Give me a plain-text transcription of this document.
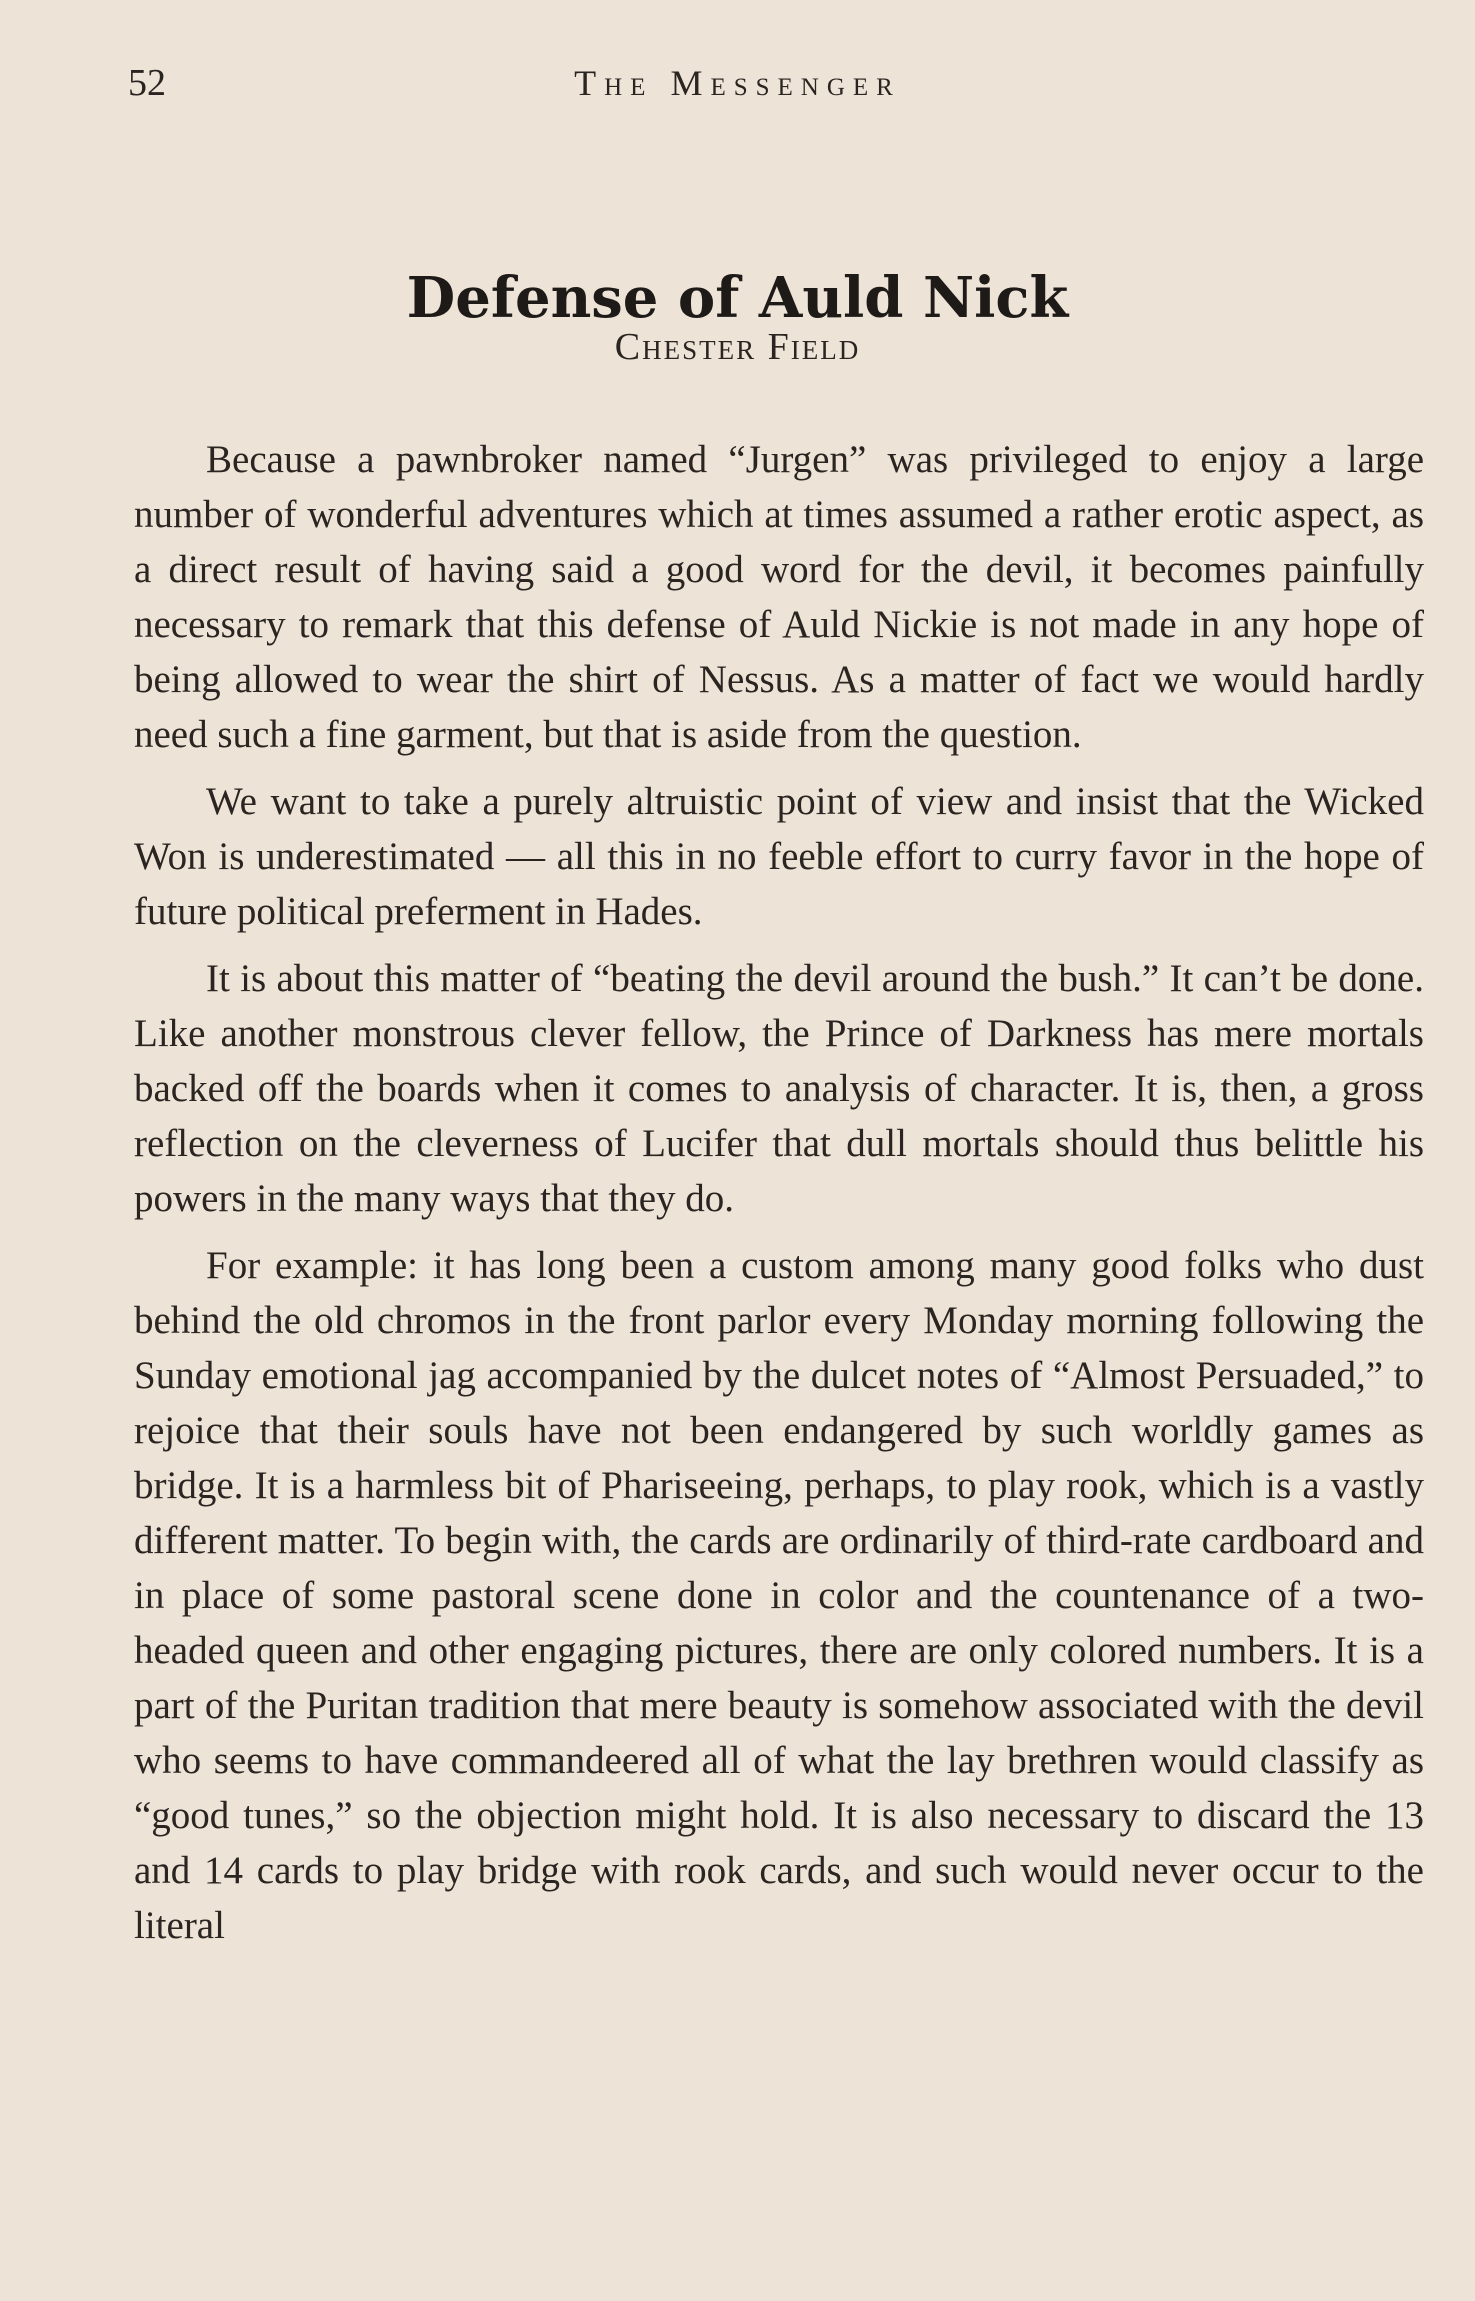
52	The Messenger
Defense of Auld Nick
Chester Field

Because a pawnbroker named “Jurgen” was privileged to enjoy a large number of wonderful adventures which at times assumed a rather erotic aspect, as a direct result of having said a good word for the devil, it becomes painfully necessary to remark that this defense of Auld Nickie is not made in any hope of being allowed to wear the shirt of Nessus. As a matter of fact we would hardly need such a fine garment, but that is aside from the question.

We want to take a purely altruistic point of view and insist that the Wicked Won is underestimated — all this in no feeble effort to curry favor in the hope of future political preferment in Hades.

It is about this matter of “beating the devil around the bush.” It can’t be done. Like another monstrous clever fellow, the Prince of Darkness has mere mortals backed off the boards when it comes to analysis of character. It is, then, a gross reflection on the cleverness of Lucifer that dull mortals should thus belittle his powers in the many ways that they do.

For example: it has long been a custom among many good folks who dust behind the old chromos in the front parlor every Monday morning following the Sunday emotional jag accompanied by the dulcet notes of “Almost Persuaded,” to rejoice that their souls have not been endangered by such worldly games as bridge. It is a harmless bit of Phariseeing, perhaps, to play rook, which is a vastly different matter. To begin with, the cards are ordinarily of third-rate cardboard and in place of some pastoral scene done in color and the countenance of a two-headed queen and other engaging pictures, there are only colored numbers. It is a part of the Puritan tradition that mere beauty is somehow associated with the devil who seems to have commandeered all of what the lay brethren would classify as “good tunes,” so the objection might hold. It is also necessary to discard the 13 and 14 cards to play bridge with rook cards, and such would never occur to the literal
